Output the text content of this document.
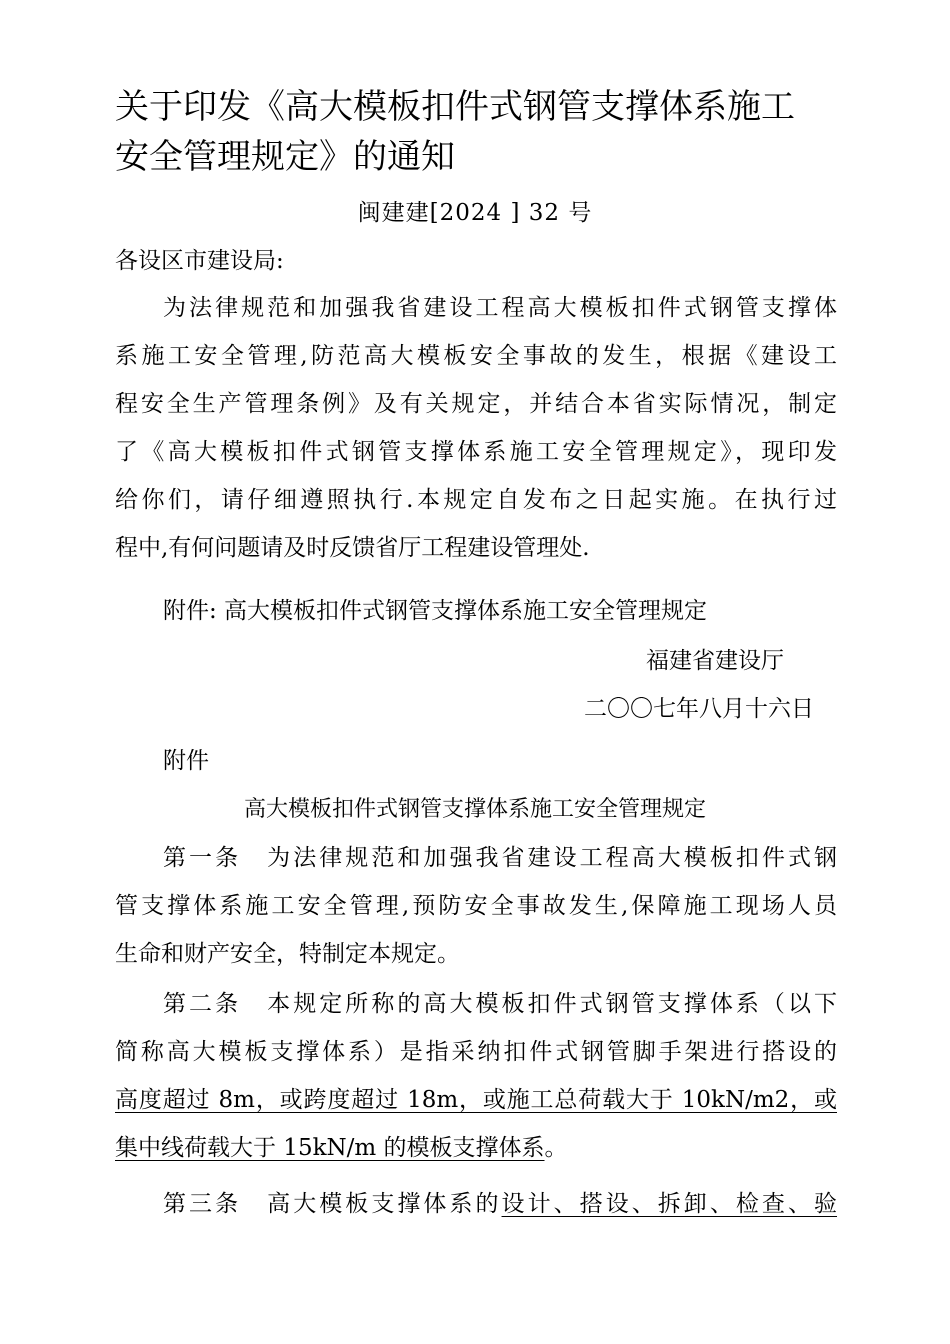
关于印发《高大模板扣件式钢管支撑体系施工
安全管理规定》的通知
闽建建[2024 ] 32 号
各设区市建设局:
为法律规范和加强我省建设工程高大模板扣件式钢管支撑体
系施工安全管理,防范高大模板安全事故的发生，根据《建设工
程安全生产管理条例》及有关规定，并结合本省实际情况，制定
了《高大模板扣件式钢管支撑体系施工安全管理规定》，现印发
给你们，请仔细遵照执行.本规定自发布之日起实施。在执行过
程中,有何问题请及时反馈省厅工程建设管理处.
附件: 高大模板扣件式钢管支撑体系施工安全管理规定
福建省建设厅
二〇〇七年八月十六日
附件
高大模板扣件式钢管支撑体系施工安全管理规定
第一条　为法律规范和加强我省建设工程高大模板扣件式钢
管支撑体系施工安全管理,预防安全事故发生,保障施工现场人员
生命和财产安全，特制定本规定。
第二条　本规定所称的高大模板扣件式钢管支撑体系（以下
简称高大模板支撑体系）是指采纳扣件式钢管脚手架进行搭设的
高度超过 8m，或跨度超过 18m，或施工总荷载大于 10kN/m2，或
集中线荷载大于 15kN/m 的模板支撑体系。
第三条　高大模板支撑体系的设计、搭设、拆卸、检查、验
